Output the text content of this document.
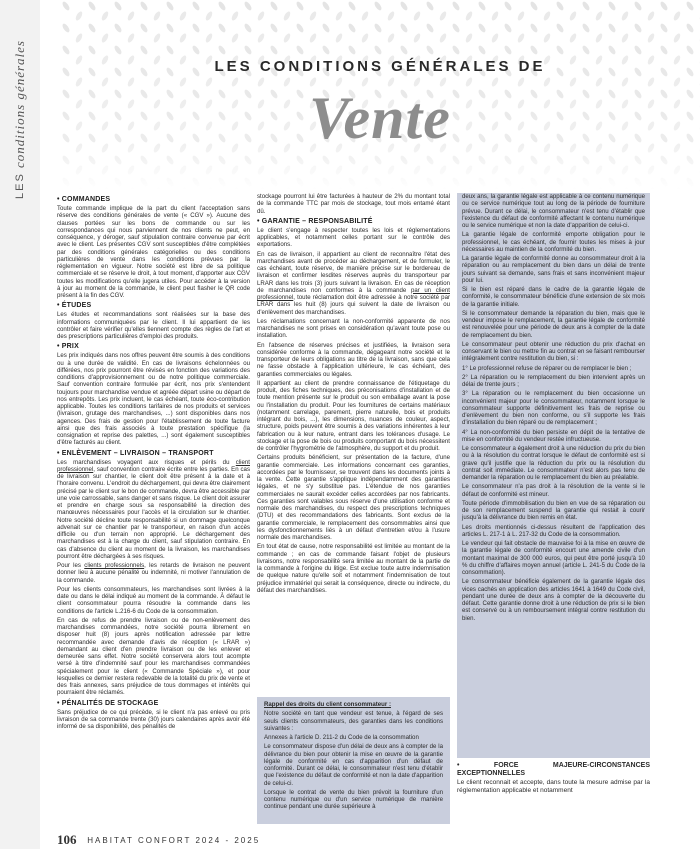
LES conditions générales	LES CONDITIONS GÉNÉRALES DE
Vente
• COMMANDES

Toute commande implique de la part du client l'acceptation sans réserve des conditions générales de vente (« CGV »). Aucune des clauses portées sur les bons de commande ou sur les correspondances qui nous parviennent de nos clients ne peut, en conséquence, y déroger, sauf stipulation contraire convenue par écrit avec le client. Les présentes CGV sont susceptibles d'être complétées par des conditions générales catégorielles ou des conditions particulières de vente dans les conditions prévues par la réglementation en vigueur. Notre société est libre de sa politique commerciale et se réserve le droit, à tout moment, d'apporter aux CGV toutes les modifications qu'elle jugera utiles. Pour accéder à la version à jour au moment de la commande, le client peut flasher le QR code présent à la fin des CGV.

• ÉTUDES

Les études et recommandations sont réalisées sur la base des informations communiquées par le client. Il lui appartient de les contrôler et faire vérifier qu'elles tiennent compte des règles de l'art et des prescriptions particulières d'emploi des produits.

• PRIX

Les prix indiqués dans nos offres peuvent être soumis à des conditions ou à une durée de validité. En cas de livraisons échelonnées ou différées, nos prix pourront être révisés en fonction des variations des conditions d'approvisionnement ou de notre politique commerciale. Sauf convention contraire formulée par écrit, nos prix s'entendent toujours pour marchandise vendue et agréée départ usine ou départ de nos entrepôts. Les prix incluent, le cas échéant, toute éco-contribution applicable. Toutes les conditions tarifaires de nos produits et services (livraison, grutage des marchandises, ...) sont disponibles dans nos agences. Des frais de gestion pour l'établissement de toute facture ainsi que des frais associés à toute prestation spécifique (la consignation et reprise des palettes, ...) sont également susceptibles d'être facturés au client.

• ENLÈVEMENT – LIVRAISON – TRANSPORT

Les marchandises voyagent aux risques et périls du client professionnel, sauf convention contraire écrite entre les parties. En cas de livraison sur chantier, le client doit être présent à la date et à l'horaire convenu. L'endroit du déchargement, qui devra être clairement précisé par le client sur le bon de commande, devra être accessible par une voie carrossable, sans danger et sans risque. Le client doit assurer et prendre en charge sous sa responsabilité la direction des manœuvres nécessaires pour l'accès et la circulation sur le chantier. Notre société décline toute responsabilité si un dommage quelconque advenait sur ce chantier par le transporteur, en raison d'un accès difficile ou d'un terrain non approprié. Le déchargement des marchandises est à la charge du client, sauf stipulation contraire. En cas d'absence du client au moment de la livraison, les marchandises pourront être déchargées à ses risques.

Pour les clients professionnels, les retards de livraison ne peuvent donner lieu à aucune pénalité ou indemnité, ni motiver l'annulation de la commande.

Pour les clients consommateurs, les marchandises sont livrées à la date ou dans le délai indiqué au moment de la commande. À défaut le client consommateur pourra résoudre la commande dans les conditions de l'article L.216-6 du Code de la consommation.

En cas de refus de prendre livraison ou de non-enlèvement des marchandises commandées, notre société pourra librement en disposer huit (8) jours après notification adressée par lettre recommandée avec demande d'avis de réception (« LRAR ») demandant au client d'en prendre livraison ou de les enlever et demeurée sans effet. Notre société conservera alors tout acompte versé à titre d'indemnité sauf pour les marchandises commandées spécialement pour le client (« Commande Spéciale »), et pour lesquelles ce dernier restera redevable de la totalité du prix de vente et des frais annexes, sans préjudice de tous dommages et intérêts qui pourraient être réclamés.

• PÉNALITÉS DE STOCKAGE

Sans préjudice de ce qui précède, si le client n'a pas enlevé ou pris livraison de sa commande trente (30) jours calendaires après avoir été informé de sa disponibilité, des pénalités de

stockage pourront lui être facturées à hauteur de 2% du montant total de la commande TTC par mois de stockage, tout mois entamé étant dû.

• GARANTIE – RESPONSABILITÉ

Le client s'engage à respecter toutes les lois et réglementations applicables, et notamment celles portant sur le contrôle des exportations.

En cas de livraison, il appartient au client de reconnaître l'état des marchandises avant de procéder au déchargement, et de formuler, le cas échéant, toute réserve, de manière précise sur le bordereau de livraison et confirmer lesdites réserves auprès du transporteur par LRAR dans les trois (3) jours suivant la livraison. En cas de réception de marchandises non conformes à la commande par un client professionnel, toute réclamation doit être adressée à notre société par LRAR dans les huit (8) jours qui suivent la date de livraison ou d'enlèvement des marchandises.

Les réclamations concernant la non-conformité apparente de nos marchandises ne sont prises en considération qu'avant toute pose ou installation.

En l'absence de réserves précises et justifiées, la livraison sera considérée conforme à la commande, dégageant notre société et le transporteur de leurs obligations au titre de la livraison, sans que cela ne fasse obstacle à l'application ultérieure, le cas échéant, des garanties commerciales ou légales.

Il appartient au client de prendre connaissance de l'étiquetage du produit, des fiches techniques, des préconisations d'installation et de toute mention présente sur le produit ou son emballage avant la pose ou l'installation du produit. Pour les fournitures de certains matériaux (notamment carrelage, parement, pierre naturelle, bois et produits intégrant du bois, ...), les dimensions, nuances de couleur, aspect, structure, poids peuvent être soumis à des variations inhérentes à leur fabrication ou à leur nature, entrant dans les tolérances d'usage. Le stockage et la pose de bois ou produits comportant du bois nécessitent de contrôler l'hygrométrie de l'atmosphère, du support et du produit.

Certains produits bénéficient, sur présentation de la facture, d'une garantie commerciale. Les informations concernant ces garanties, accordées par le fournisseur, se trouvent dans les documents joints à la vente. Cette garantie s'applique indépendamment des garanties légales, et ne s'y substitue pas. L'étendue de nos garanties commerciales ne saurait excéder celles accordées par nos fabricants. Ces garanties sont valables sous réserve d'une utilisation conforme et normale des marchandises, du respect des prescriptions techniques (DTU) et des recommandations des fabricants. Sont exclus de la garantie commerciale, le remplacement des consommables ainsi que les dysfonctionnements liés à un défaut d'entretien et/ou à l'usure normale des marchandises.

En tout état de cause, notre responsabilité est limitée au montant de la commande ; en cas de commande faisant l'objet de plusieurs livraisons, notre responsabilité sera limitée au montant de la partie de la commande à l'origine du litige. Est exclue toute autre indemnisation de quelque nature qu'elle soit et notamment l'indemnisation de tout préjudice immatériel qui serait la conséquence, directe ou indirecte, du défaut des marchandises.

Rappel des droits du client consommateur :

Notre société en tant que vendeur est tenue, à l'égard de ses seuls clients consommateurs, des garanties dans les conditions suivantes :

Annexes à l'article D. 211-2 du Code de la consommation

Le consommateur dispose d'un délai de deux ans à compter de la délivrance du bien pour obtenir la mise en œuvre de la garantie légale de conformité en cas d'apparition d'un défaut de conformité. Durant ce délai, le consommateur n'est tenu d'établir que l'existence du défaut de conformité et non la date d'apparition de celui-ci.

Lorsque le contrat de vente du bien prévoit la fourniture d'un contenu numérique ou d'un service numérique de manière continue pendant une durée supérieure à

deux ans, la garantie légale est applicable à ce contenu numérique ou ce service numérique tout au long de la période de fourniture prévue. Durant ce délai, le consommateur n'est tenu d'établir que l'existence du défaut de conformité affectant le contenu numérique ou le service numérique et non la date d'apparition de celui-ci.

La garantie légale de conformité emporte obligation pour le professionnel, le cas échéant, de fournir toutes les mises à jour nécessaires au maintien de la conformité du bien.

La garantie légale de conformité donne au consommateur droit à la réparation ou au remplacement du bien dans un délai de trente jours suivant sa demande, sans frais et sans inconvénient majeur pour lui.

Si le bien est réparé dans le cadre de la garantie légale de conformité, le consommateur bénéficie d'une extension de six mois de la garantie initiale.

Si le consommateur demande la réparation du bien, mais que le vendeur impose le remplacement, la garantie légale de conformité est renouvelée pour une période de deux ans à compter de la date de remplacement du bien.

Le consommateur peut obtenir une réduction du prix d'achat en conservant le bien ou mettre fin au contrat en se faisant rembourser intégralement contre restitution du bien, si :

1° Le professionnel refuse de réparer ou de remplacer le bien ;

2° La réparation ou le remplacement du bien intervient après un délai de trente jours ;

3° La réparation ou le remplacement du bien occasionne un inconvénient majeur pour le consommateur, notamment lorsque le consommateur supporte définitivement les frais de reprise ou d'enlèvement du bien non conforme, ou s'il supporte les frais d'installation du bien réparé ou de remplacement ;

4° La non-conformité du bien persiste en dépit de la tentative de mise en conformité du vendeur restée infructueuse.

Le consommateur a également droit à une réduction du prix du bien ou à la résolution du contrat lorsque le défaut de conformité est si grave qu'il justifie que la réduction du prix ou la résolution du contrat soit immédiate. Le consommateur n'est alors pas tenu de demander la réparation ou le remplacement du bien au préalable.

Le consommateur n'a pas droit à la résolution de la vente si le défaut de conformité est mineur.

Toute période d'immobilisation du bien en vue de sa réparation ou de son remplacement suspend la garantie qui restait à courir jusqu'à la délivrance du bien remis en état.

Les droits mentionnés ci-dessus résultent de l'application des articles L. 217-1 à L. 217-32 du Code de la consommation.

Le vendeur qui fait obstacle de mauvaise foi à la mise en œuvre de la garantie légale de conformité encourt une amende civile d'un montant maximal de 300 000 euros, qui peut être porté jusqu'à 10 % du chiffre d'affaires moyen annuel (article L. 241-5 du Code de la consommation).

Le consommateur bénéficie également de la garantie légale des vices cachés en application des articles 1641 à 1649 du Code civil, pendant une durée de deux ans à compter de la découverte du défaut. Cette garantie donne droit à une réduction de prix si le bien est conservé ou à un remboursement intégral contre restitution du bien.

• FORCE MAJEURE-CIRCONSTANCES EXCEPTIONNELLES

Le client reconnait et accepte, dans toute la mesure admise par la réglementation applicable et notamment

106 HABITAT CONFORT 2024 - 2025
